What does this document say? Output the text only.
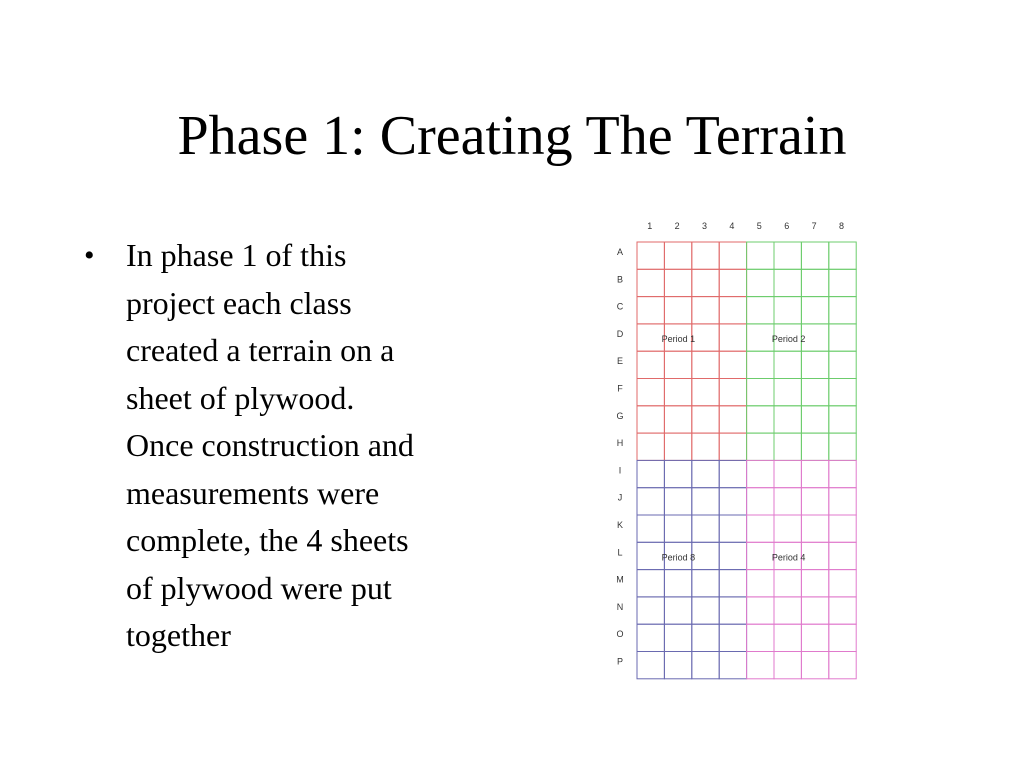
Phase 1: Creating The Terrain
• In phase 1 of this
project each class
created a terrain on a
sheet of plywood.
Once construction and
measurements were
complete, the 4 sheets
of plywood were put
together
Period 1	Period 2
Period 8	Period 4
1 2 3 4 5 6 7 8
A
B
C
D
E
F
G
H
I
J
K
L
M
N
O
P
